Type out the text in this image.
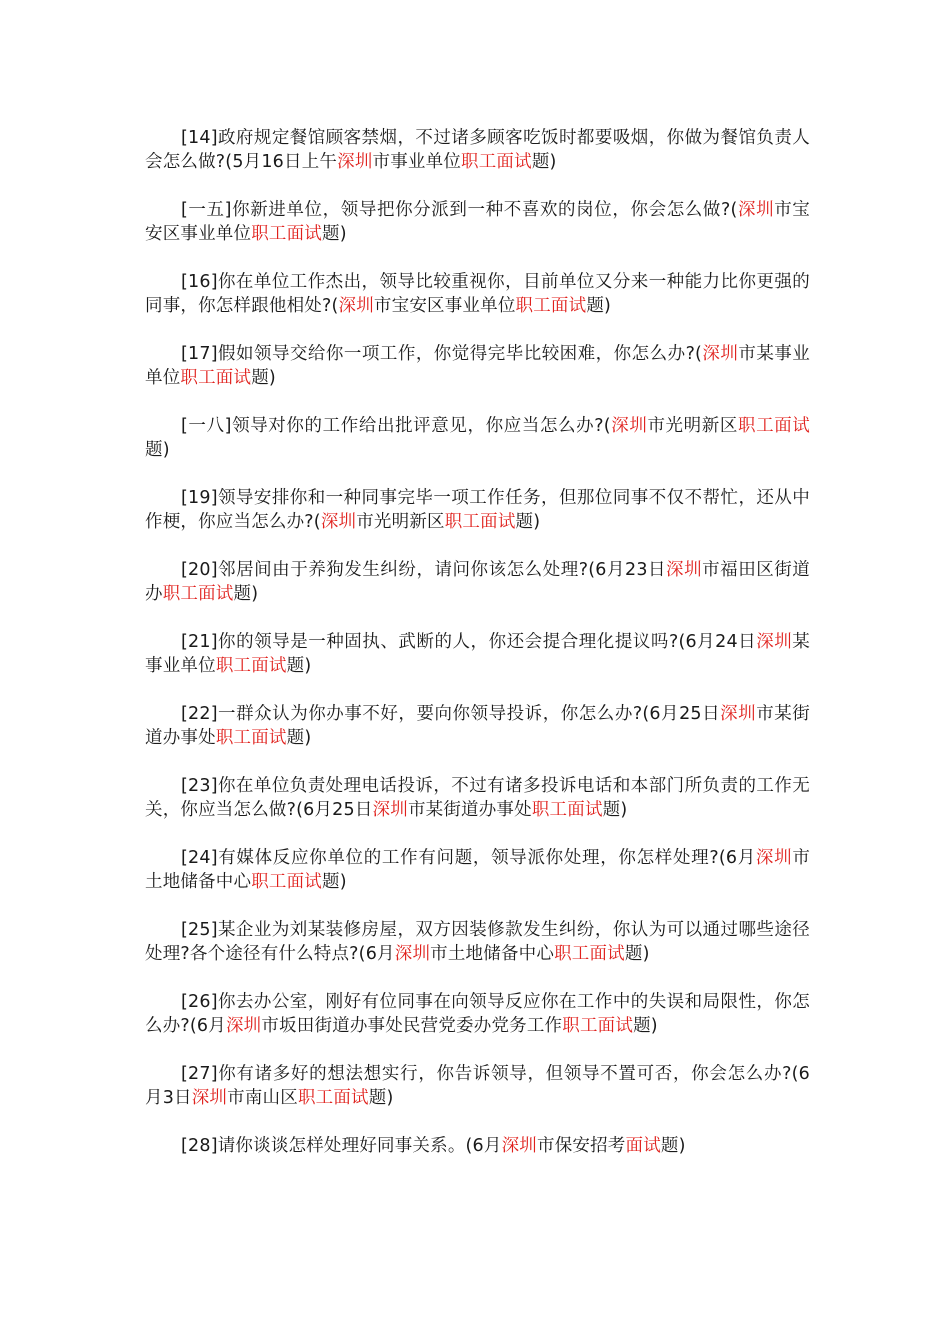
[14]政府规定餐馆顾客禁烟，不过诸多顾客吃饭时都要吸烟，你做为餐馆负责人会怎么做?(5月16日上午深圳市事业单位职工面试题)

[一五]你新进单位，领导把你分派到一种不喜欢的岗位，你会怎么做?(深圳市宝安区事业单位职工面试题)

[16]你在单位工作杰出，领导比较重视你，目前单位又分来一种能力比你更强的同事，你怎样跟他相处?(深圳市宝安区事业单位职工面试题)

[17]假如领导交给你一项工作，你觉得完毕比较困难，你怎么办?(深圳市某事业单位职工面试题)

[一八]领导对你的工作给出批评意见，你应当怎么办?(深圳市光明新区职工面试题)

[19]领导安排你和一种同事完毕一项工作任务，但那位同事不仅不帮忙，还从中作梗，你应当怎么办?(深圳市光明新区职工面试题)

[20]邻居间由于养狗发生纠纷，请问你该怎么处理?(6月23日深圳市福田区街道办职工面试题)

[21]你的领导是一种固执、武断的人，你还会提合理化提议吗?(6月24日深圳某事业单位职工面试题)

[22]一群众认为你办事不好，要向你领导投诉，你怎么办?(6月25日深圳市某街道办事处职工面试题)

[23]你在单位负责处理电话投诉，不过有诸多投诉电话和本部门所负责的工作无关，你应当怎么做?(6月25日深圳市某街道办事处职工面试题)

[24]有媒体反应你单位的工作有问题，领导派你处理，你怎样处理?(6月深圳市土地储备中心职工面试题)

[25]某企业为刘某装修房屋，双方因装修款发生纠纷，你认为可以通过哪些途径处理?各个途径有什么特点?(6月深圳市土地储备中心职工面试题)

[26]你去办公室，刚好有位同事在向领导反应你在工作中的失误和局限性，你怎么办?(6月深圳市坂田街道办事处民营党委办党务工作职工面试题)

[27]你有诸多好的想法想实行，你告诉领导，但领导不置可否，你会怎么办?(6月3日深圳市南山区职工面试题)

[28]请你谈谈怎样处理好同事关系。(6月深圳市保安招考面试题)
